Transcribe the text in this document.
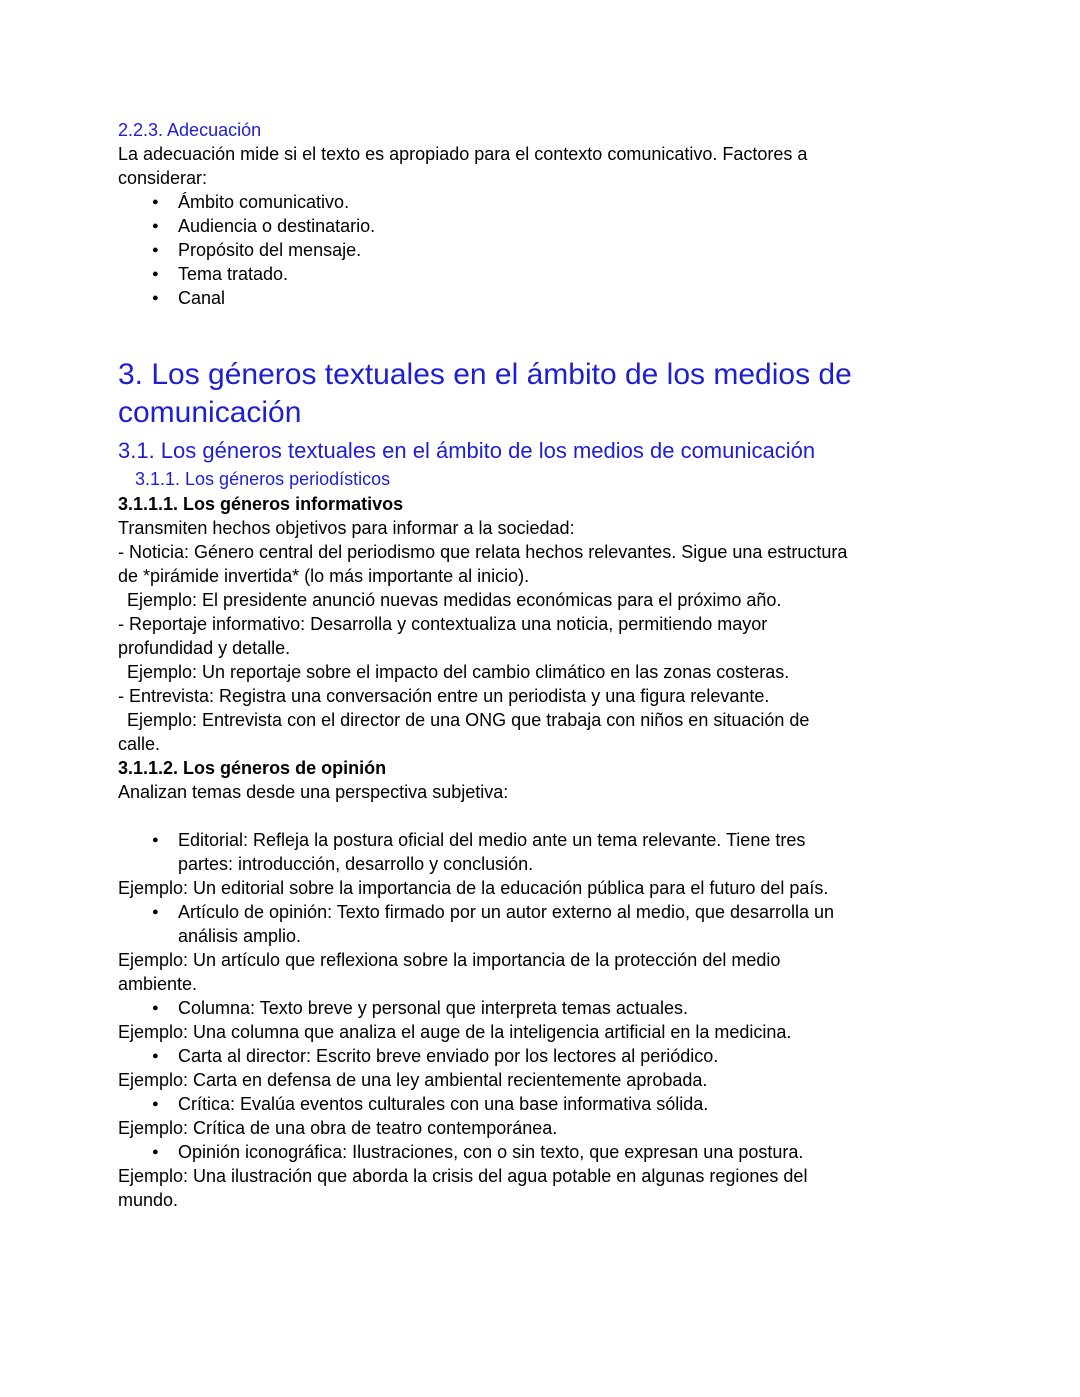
2.2.3. Adecuación

La adecuación mide si el texto es apropiado para el contexto comunicativo. Factores a considerar:

●	Ámbito comunicativo.
●	Audiencia o destinatario.
●	Propósito del mensaje.
●	Tema tratado.
●	Canal
3. Los géneros textuales en el ámbito de los medios de comunicación
3.1. Los géneros textuales en el ámbito de los medios de comunicación
3.1.1. Los géneros periodísticos

3.1.1.1. Los géneros informativos

Transmiten hechos objetivos para informar a la sociedad:

- Noticia: Género central del periodismo que relata hechos relevantes. Sigue una estructura de *pirámide invertida* (lo más importante al inicio).

Ejemplo: El presidente anunció nuevas medidas económicas para el próximo año.

- Reportaje informativo: Desarrolla y contextualiza una noticia, permitiendo mayor profundidad y detalle.

Ejemplo: Un reportaje sobre el impacto del cambio climático en las zonas costeras.

- Entrevista: Registra una conversación entre un periodista y una figura relevante.

Ejemplo: Entrevista con el director de una ONG que trabaja con niños en situación de calle.

3.1.1.2. Los géneros de opinión

Analizan temas desde una perspectiva subjetiva:

●	Editorial: Refleja la postura oficial del medio ante un tema relevante. Tiene tres partes: introducción, desarrollo y conclusión.

Ejemplo: Un editorial sobre la importancia de la educación pública para el futuro del país.

●	Artículo de opinión: Texto firmado por un autor externo al medio, que desarrolla un análisis amplio.

Ejemplo: Un artículo que reflexiona sobre la importancia de la protección del medio ambiente.

●	Columna: Texto breve y personal que interpreta temas actuales.

Ejemplo: Una columna que analiza el auge de la inteligencia artificial en la medicina.

●	Carta al director: Escrito breve enviado por los lectores al periódico.

Ejemplo: Carta en defensa de una ley ambiental recientemente aprobada.

●	Crítica: Evalúa eventos culturales con una base informativa sólida.

Ejemplo: Crítica de una obra de teatro contemporánea.

●	Opinión iconográfica: Ilustraciones, con o sin texto, que expresan una postura.

Ejemplo: Una ilustración que aborda la crisis del agua potable en algunas regiones del mundo.
